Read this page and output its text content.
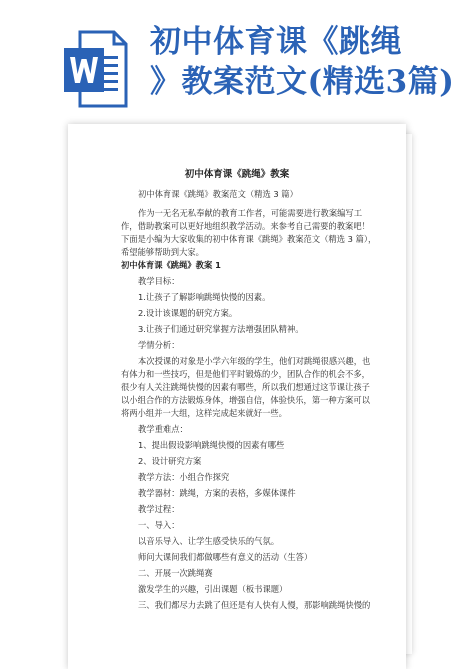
初中体育课《跳绳
》教案范文(精选3篇)
初中体育课《跳绳》教案

初中体育课《跳绳》教案范文（精选 3 篇）

作为一无名无私奉献的教育工作者，可能需要进行教案编写工作，借助教案可以更好地组织教学活动。来参考自己需要的教案吧！下面是小编为大家收集的初中体育课《跳绳》教案范文（精选 3 篇），希望能够帮助到大家。

初中体育课《跳绳》教案 1

教学目标：

1.让孩子了解影响跳绳快慢的因素。

2.设计该课题的研究方案。

3.让孩子们通过研究掌握方法增强团队精神。

学情分析：

本次授课的对象是小学六年级的学生，他们对跳绳很感兴趣，也有体力和一些技巧，但是他们平时锻炼的少，团队合作的机会不多，很少有人关注跳绳快慢的因素有哪些，所以我们想通过这节课让孩子以小组合作的方法锻炼身体，增强自信，体验快乐，第一种方案可以将两小组并一大组，这样完成起来就好一些。

教学重难点：

1、提出假设影响跳绳快慢的因素有哪些

2、设计研究方案

教学方法：小组合作探究

教学器材：跳绳，方案的表格，多媒体课件

教学过程：

一、导入：

以音乐导入、让学生感受快乐的气氛。

师问大课间我们都做哪些有意义的活动（生答）

二、开展一次跳绳赛

激发学生的兴趣，引出课题（板书课题）

三、我们都尽力去跳了但还是有人快有人慢，那影响跳绳快慢的
